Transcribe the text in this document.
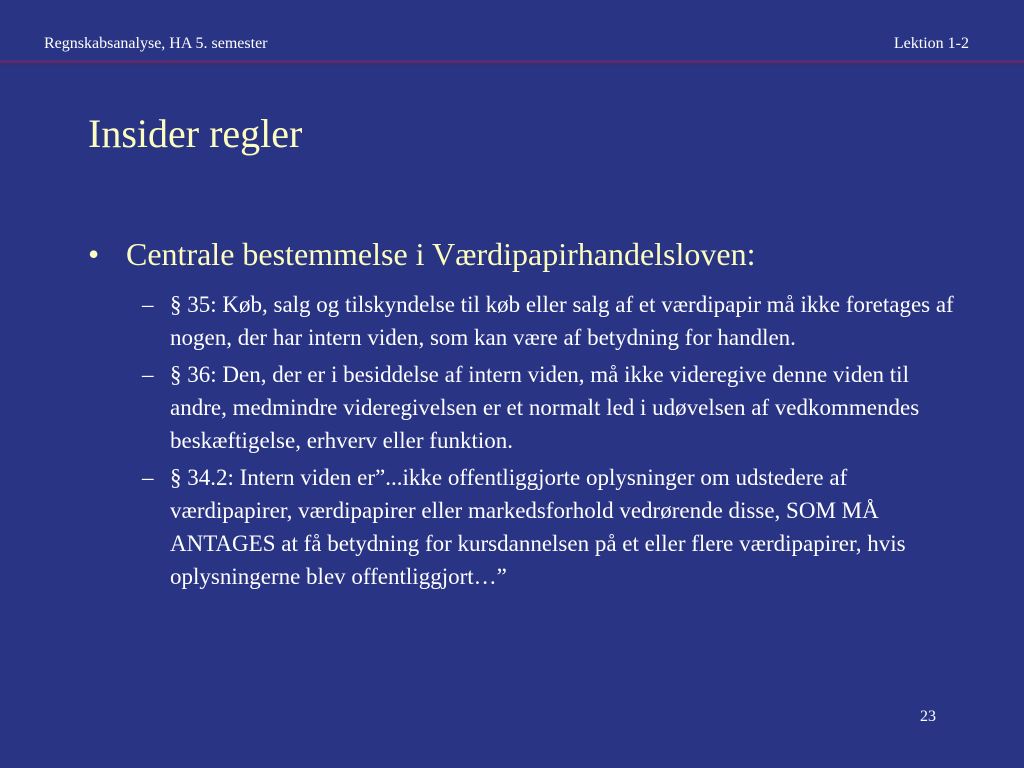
Regnskabsanalyse, HA 5. semester	Lektion 1-2
Insider regler
• Centrale bestemmelse i Værdipapirhandelsloven:
– § 35: Køb, salg og tilskyndelse til køb eller salg af et værdipapir må ikke foretages af nogen, der har intern viden, som kan være af betydning for handlen.
– § 36: Den, der er i besiddelse af intern viden, må ikke videregive denne viden til andre, medmindre videregivelsen er et normalt led i udøvelsen af vedkommendes beskæftigelse, erhverv eller funktion.
– § 34.2: Intern viden er”...ikke offentliggjorte oplysninger om udstedere af værdipapirer, værdipapirer eller markedsforhold vedrørende disse, SOM MÅ ANTAGES at få betydning for kursdannelsen på et eller flere værdipapirer, hvis oplysningerne blev offentliggjort…”
23
